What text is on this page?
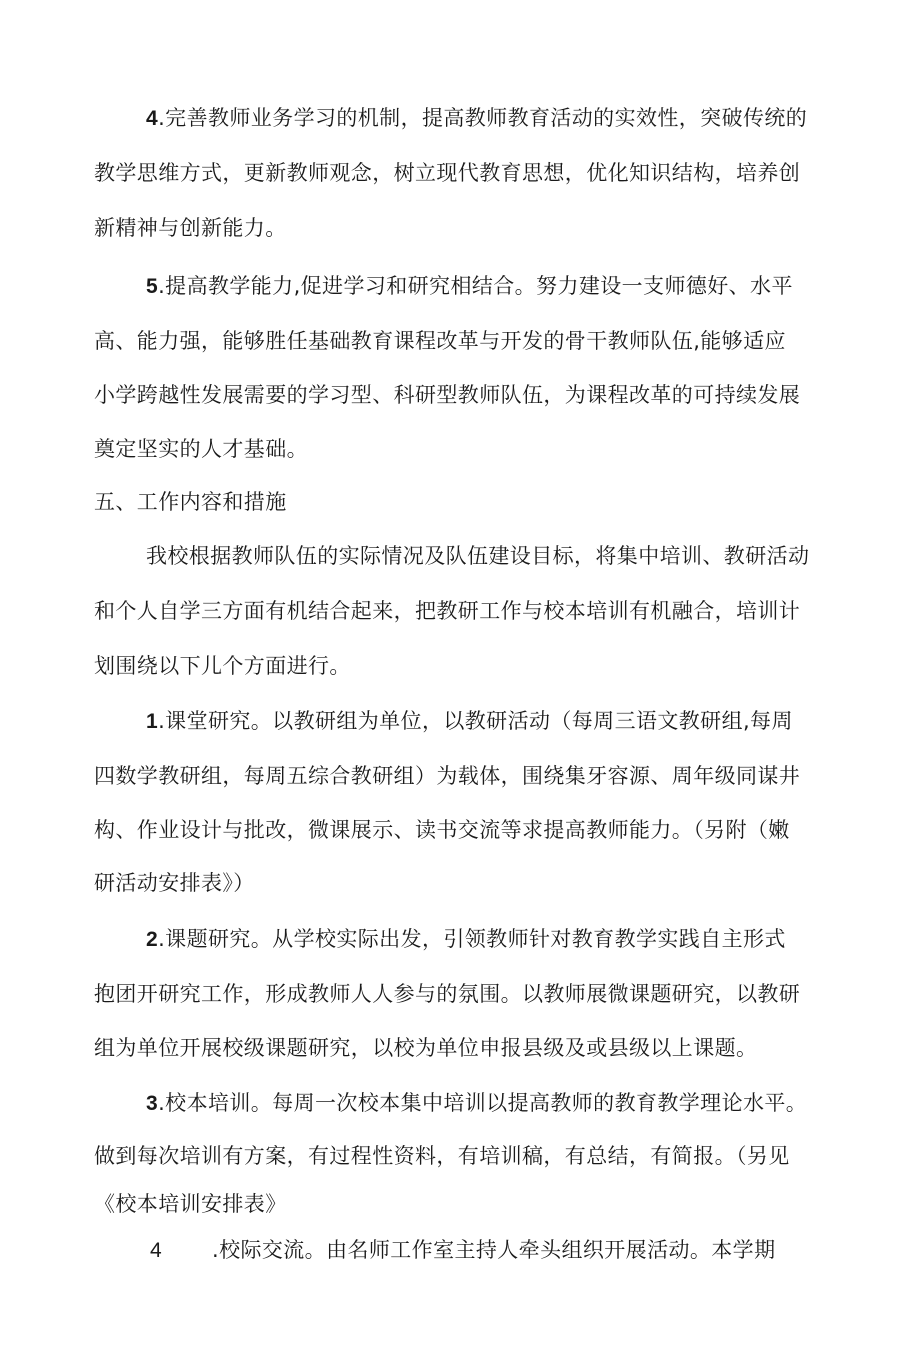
4.完善教师业务学习的机制，提高教师教育活动的实效性，突破传统的
教学思维方式，更新教师观念，树立现代教育思想，优化知识结构，培养创
新精神与创新能力。
5.提高教学能力,促进学习和研究相结合。努力建设一支师德好、水平
高、能力强，能够胜任基础教育课程改革与开发的骨干教师队伍,能够适应
小学跨越性发展需要的学习型、科研型教师队伍，为课程改革的可持续发展
奠定坚实的人才基础。
五、工作内容和措施
我校根据教师队伍的实际情况及队伍建设目标，将集中培训、教研活动
和个人自学三方面有机结合起来，把教研工作与校本培训有机融合，培训计
划围绕以下儿个方面进行。
1.课堂研究。以教研组为单位，以教研活动（每周三语文教研组,每周
四数学教研组，每周五综合教研组）为载体，围绕集牙容源、周年级同谋井
构、作业设计与批改，微课展示、读书交流等求提高教师能力。（另附（嫩
研活动安排表》）
2.课题研究。从学校实际出发，引领教师针对教育教学实践自主形式
抱团开研究工作，形成教师人人参与的氛围。以教师展微课题研究，以教研
组为单位开展校级课题研究，以校为单位申报县级及或县级以上课题。
3.校本培训。每周一次校本集中培训以提高教师的教育教学理论水平。
做到每次培训有方案，有过程性资料，有培训稿，有总结，有简报。（另见
《校本培训安排表》
4 .校际交流。由名师工作室主持人牵头组织开展活动。本学期
